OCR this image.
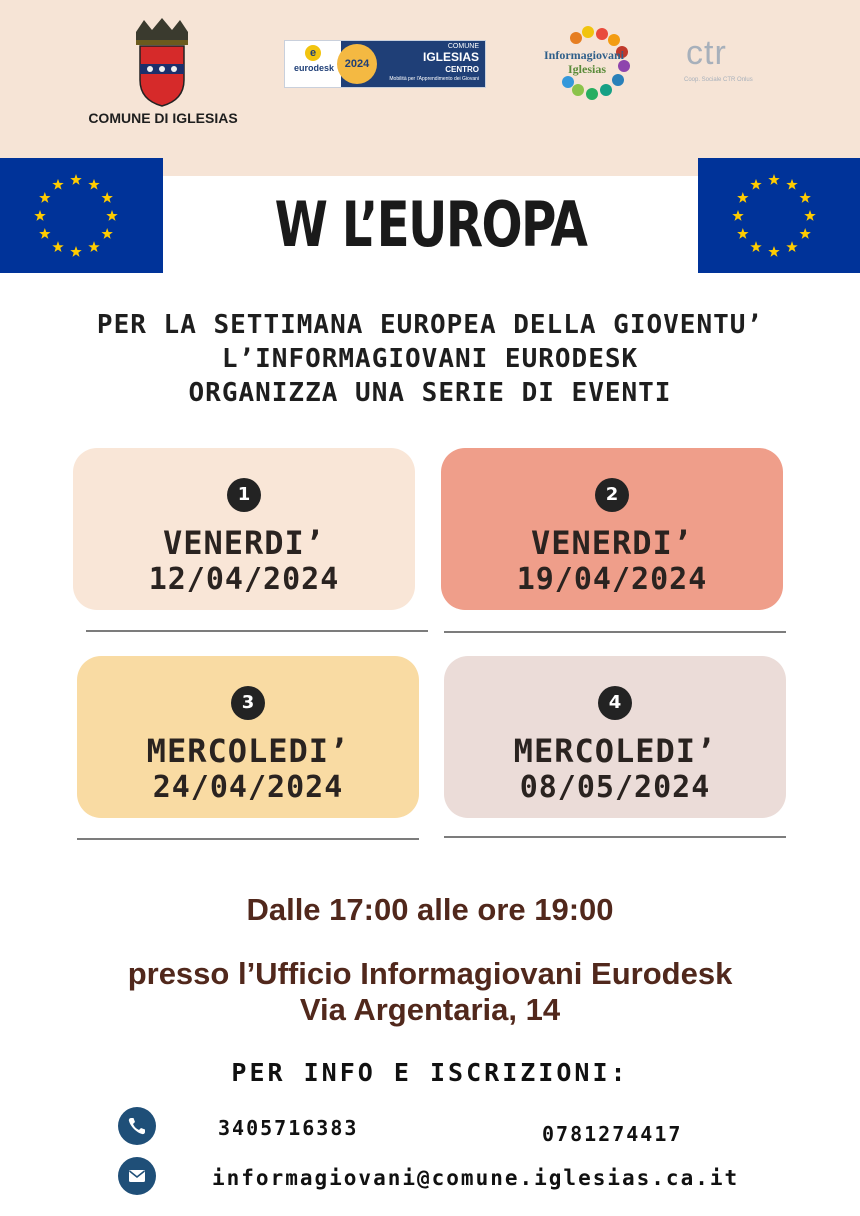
COMUNE DI IGLESIAS
e
eurodesk 2024
COMUNE
IGLESIAS
CENTRO
Mobilità per l'Apprendimento dei Giovani
Informagiovani
Iglesias ctr
Coop. Sociale CTR Onlus
W L’EUROPA
PER LA SETTIMANA EUROPEA DELLA GIOVENTU’
L’INFORMAGIOVANI EURODESK
ORGANIZZA UNA SERIE DI EVENTI
1
VENERDI’
12/04/2024
2
VENERDI’
19/04/2024
3
MERCOLEDI’
24/04/2024
4
MERCOLEDI’
08/05/2024
Dalle 17:00 alle ore 19:00
presso l’Ufficio Informagiovani Eurodesk
Via Argentaria, 14
PER INFO E ISCRIZIONI:
3405716383	0781274417
informagiovani@comune.iglesias.ca.it
